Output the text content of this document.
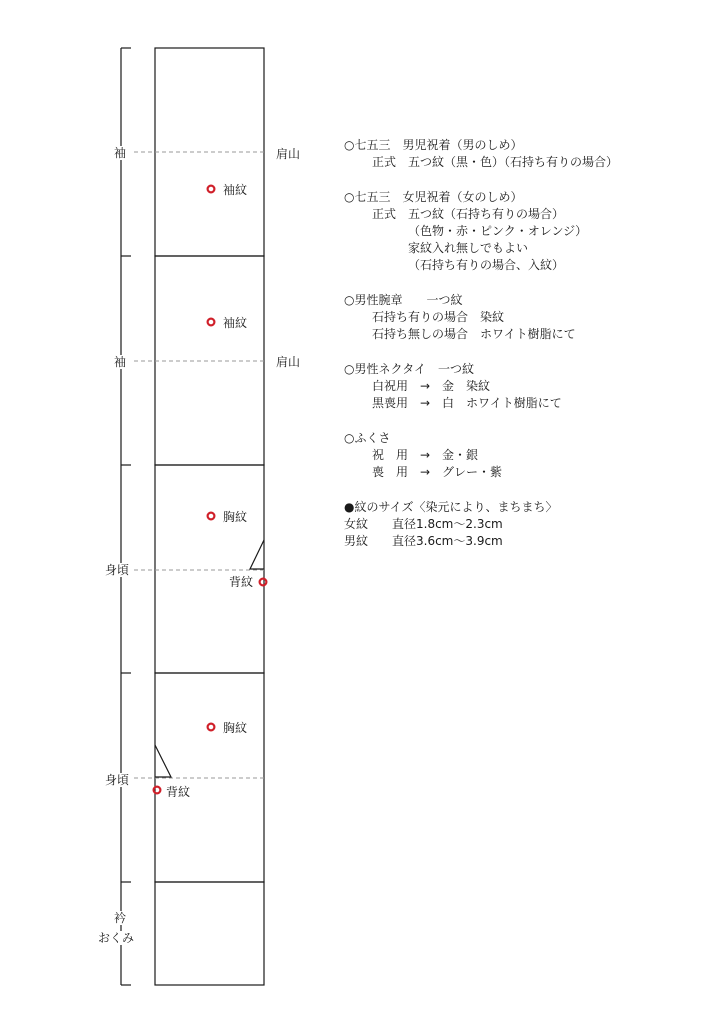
袖
袖
身頃
身頃
衿
おくみ
袖紋
袖紋
胸紋
背紋
胸紋
背紋
肩山
肩山
○七五三　男児祝着（男のしめ）
正式　五つ紋（黒・色）（石持ち有りの場合）
○七五三　女児祝着（女のしめ）
正式　五つ紋（石持ち有りの場合）
（色物・赤・ピンク・オレンジ）
家紋入れ無しでもよい
（石持ち有りの場合、入紋）
○男性腕章　　一つ紋
石持ち有りの場合　染紋
石持ち無しの場合　ホワイト樹脂にて
○男性ネクタイ　一つ紋
白祝用　→　金　染紋
黒喪用　→　白　ホワイト樹脂にて
○ふくさ
祝　用　→　金・銀
喪　用　→　グレー・紫
●紋のサイズ〈染元により、まちまち〉
女紋　　直径1.8cm～2.3cm
男紋　　直径3.6cm～3.9cm
